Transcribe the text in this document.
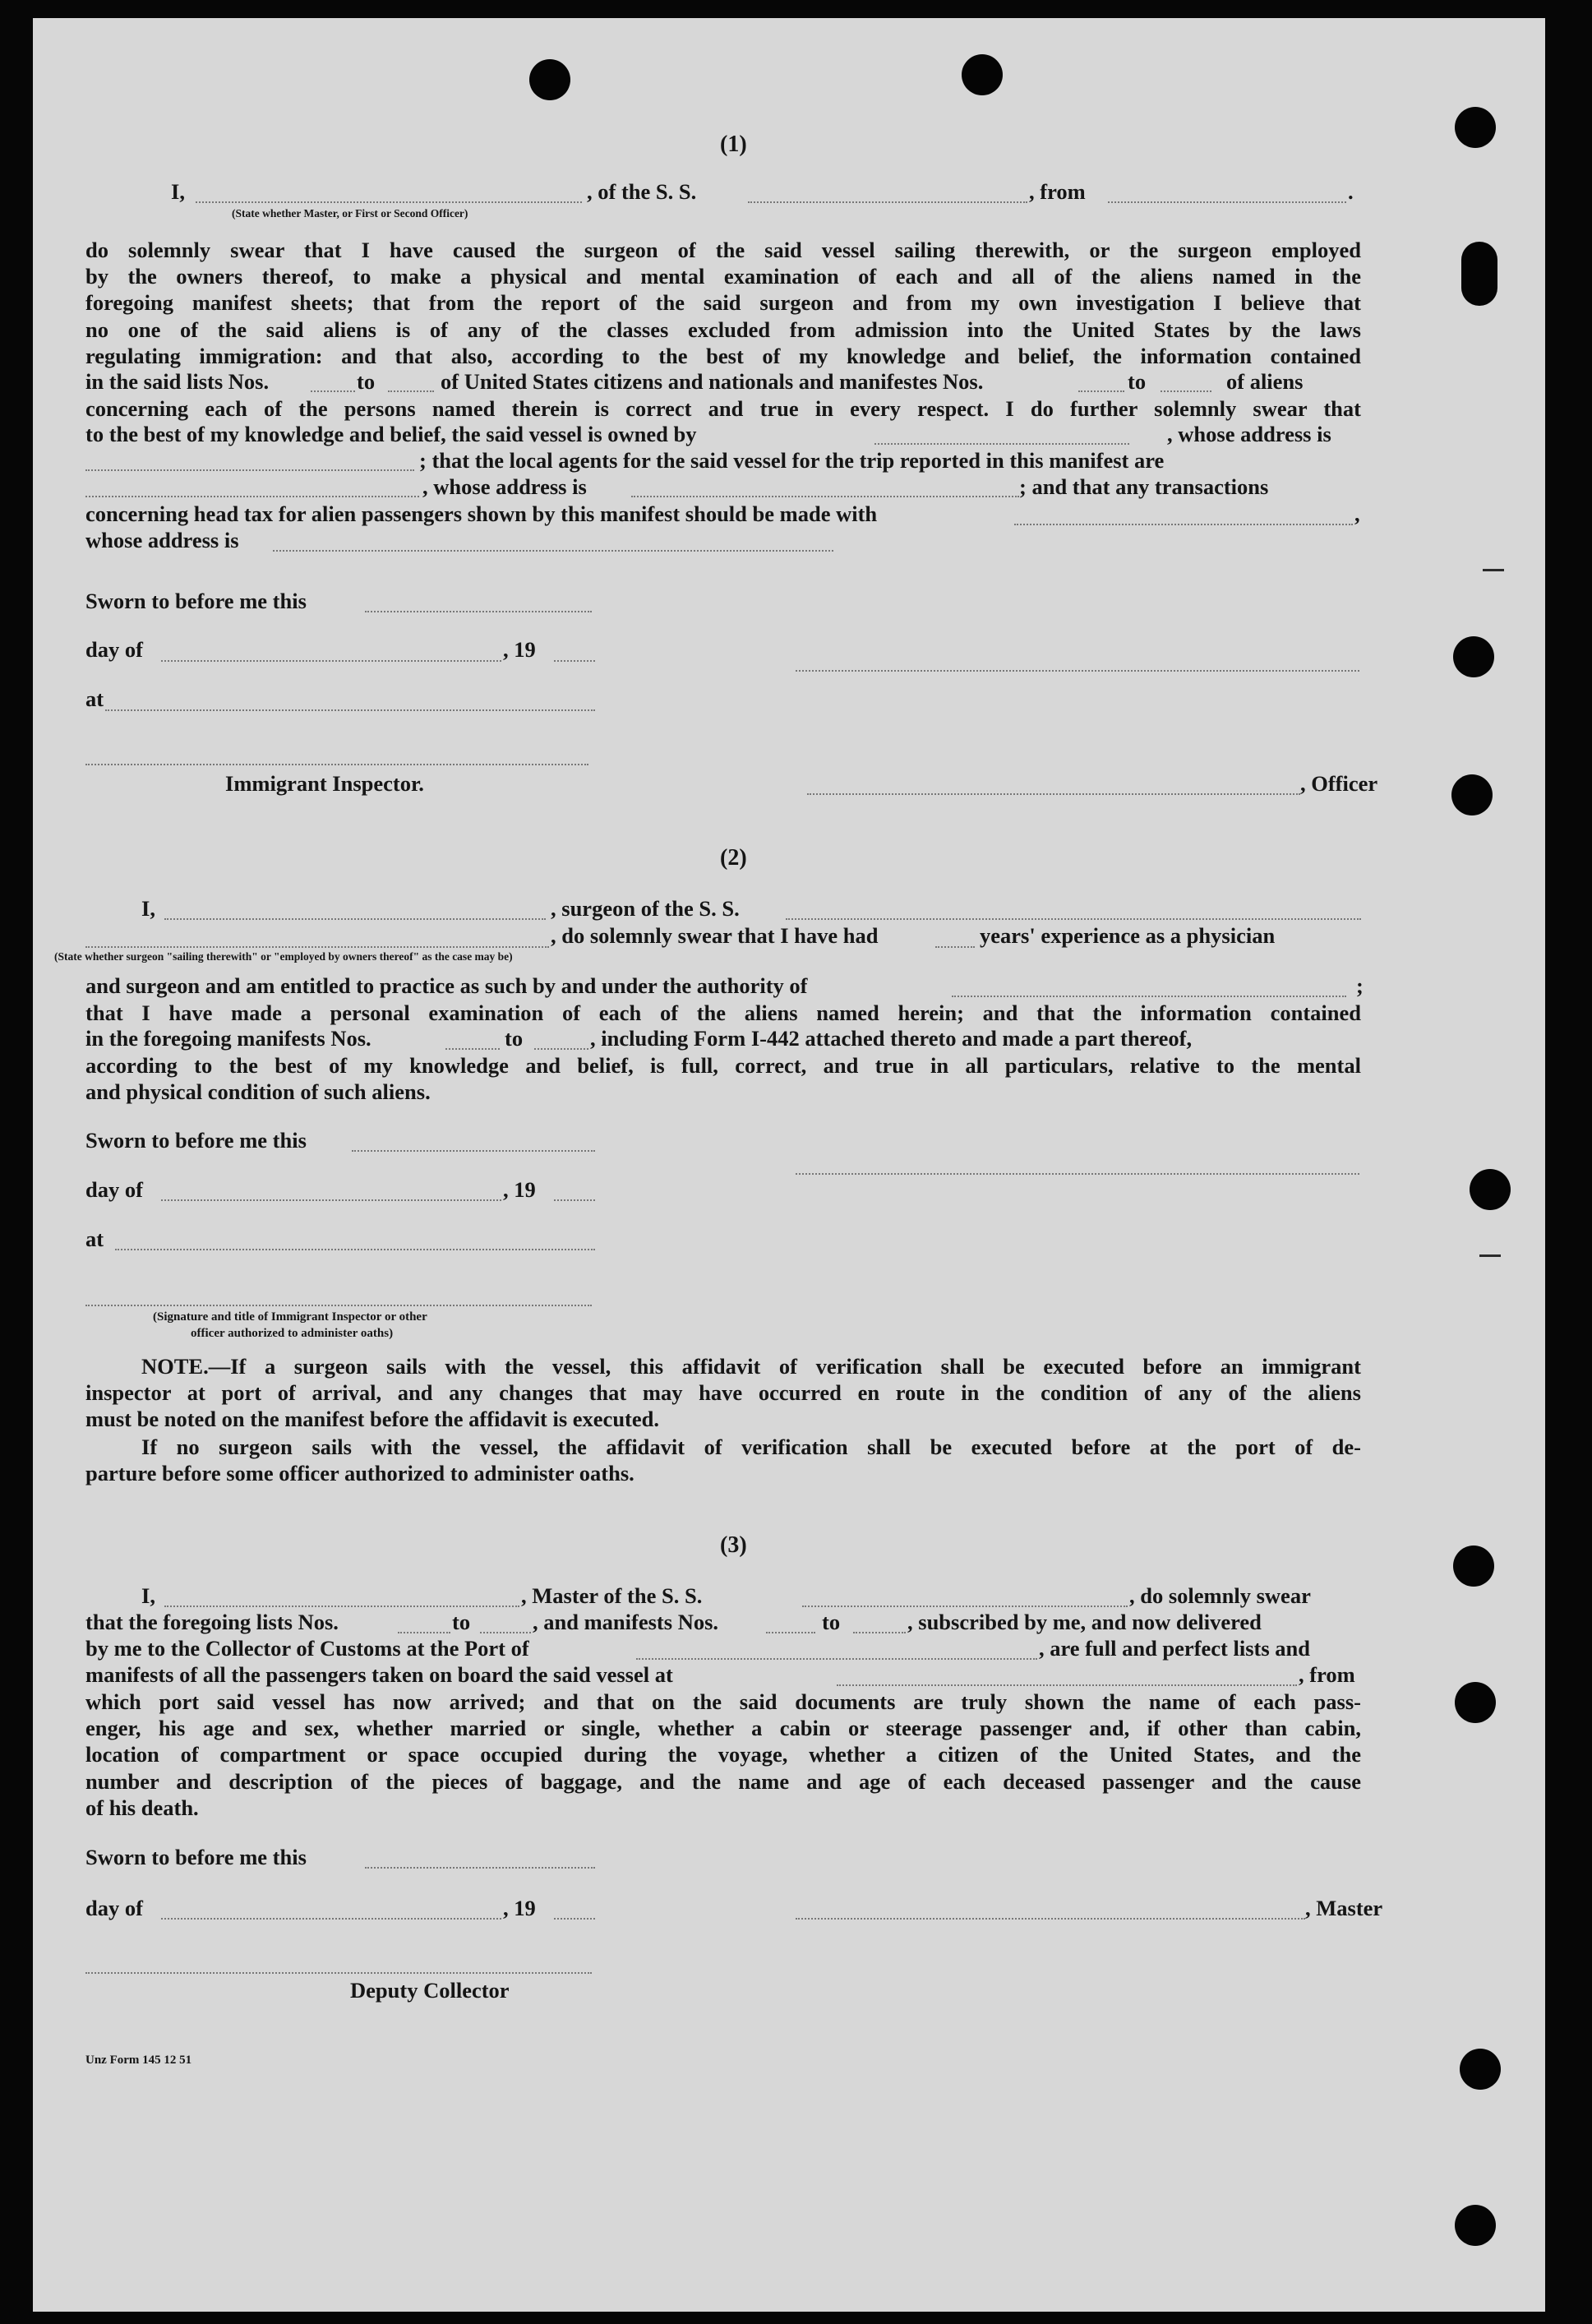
(1)
I,	, of the S. S.	, from	.
(State whether Master, or First or Second Officer)
do solemnly swear that I have caused the surgeon of the said vessel sailing therewith, or the surgeon employed
by the owners thereof, to make a physical and mental examination of each and all of the aliens named in the
foregoing manifest sheets; that from the report of the said surgeon and from my own investigation I believe that
no one of the said aliens is of any of the classes excluded from admission into the United States by the laws
regulating immigration: and that also, according to the best of my knowledge and belief, the information contained
in the said lists Nos.	to	of United States citizens and nationals and manifestes Nos.	to	of aliens
concerning each of the persons named therein is correct and true in every respect. I do further solemnly swear that
to the best of my knowledge and belief, the said vessel is owned by	, whose address is
; that the local agents for the said vessel for the trip reported in this manifest are
, whose address is	; and that any transactions
concerning head tax for alien passengers shown by this manifest should be made with	,
whose address is
Sworn to before me this
day of	, 19
at
Immigrant Inspector.	, Officer
(2)
I,	, surgeon of the S. S.
, do solemnly swear that I have had	years' experience as a physician
(State whether surgeon "sailing therewith" or "employed by owners thereof" as the case may be)
and surgeon and am entitled to practice as such by and under the authority of	;
that I have made a personal examination of each of the aliens named herein; and that the information contained
in the foregoing manifests Nos.	to	, including Form I-442 attached thereto and made a part thereof,
according to the best of my knowledge and belief, is full, correct, and true in all particulars, relative to the mental
and physical condition of such aliens.
Sworn to before me this
day of	, 19
at
(Signature and title of Immigrant Inspector or other
officer authorized to administer oaths)
NOTE.—If a surgeon sails with the vessel, this affidavit of verification shall be executed before an immigrant
inspector at port of arrival, and any changes that may have occurred en route in the condition of any of the aliens
must be noted on the manifest before the affidavit is executed.
If no surgeon sails with the vessel, the affidavit of verification shall be executed before at the port of de-
parture before some officer authorized to administer oaths.
(3)
I,	, Master of the S. S.	, do solemnly swear
that the foregoing lists Nos.	to	, and manifests Nos.	to	, subscribed by me, and now delivered
by me to the Collector of Customs at the Port of	, are full and perfect lists and
manifests of all the passengers taken on board the said vessel at	, from
which port said vessel has now arrived; and that on the said documents are truly shown the name of each pass-
enger, his age and sex, whether married or single, whether a cabin or steerage passenger and, if other than cabin,
location of compartment or space occupied during the voyage, whether a citizen of the United States, and the
number and description of the pieces of baggage, and the name and age of each deceased passenger and the cause
of his death.
Sworn to before me this
day of	, 19	, Master
Deputy Collector
Unz Form 145 12 51
